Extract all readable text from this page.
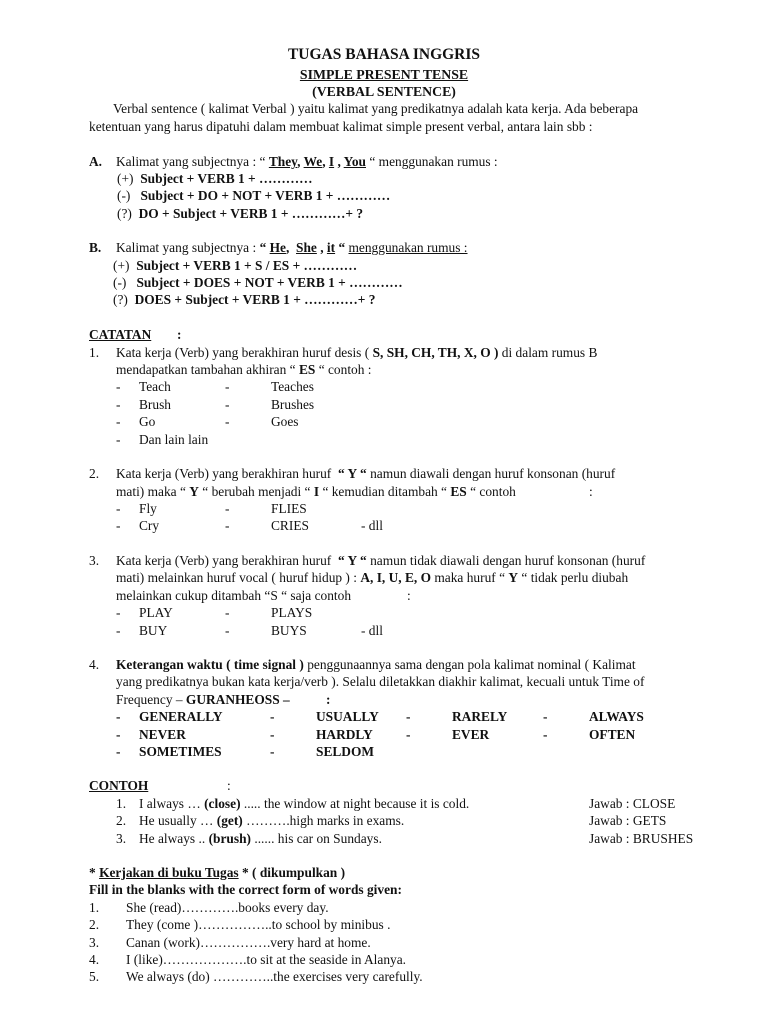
TUGAS BAHASA INGGRIS
SIMPLE PRESENT TENSE
(VERBAL SENTENCE)
Verbal sentence ( kalimat Verbal ) yaitu kalimat yang predikatnya adalah kata kerja. Ada beberapa
ketentuan yang harus dipatuhi dalam membuat kalimat simple present verbal, antara lain sbb :
A. Kalimat yang subjectnya : “ They, We, I , You “ menggunakan rumus :
(+) Subject + VERB 1 + …………
(-) Subject + DO + NOT + VERB 1 + …………
(?) DO + Subject + VERB 1 + …………+ ?
B. Kalimat yang subjectnya : “ He,  She , it “ menggunakan rumus :
(+) Subject + VERB 1 + S / ES + …………
(-) Subject + DOES + NOT + VERB 1 + …………
(?) DOES + Subject + VERB 1 + …………+ ?
CATATAN :
1. Kata kerja (Verb) yang berakhiran huruf desis ( S, SH, CH, TH, X, O ) di dalam rumus B
mendapatkan tambahan akhiran “ ES “ contoh :
- Teach	-	Teaches
- Brush	-	Brushes
- Go	-	Goes
- Dan lain lain
2. Kata kerja (Verb) yang berakhiran huruf “ Y “ namun diawali dengan huruf konsonan (huruf
mati) maka “ Y “ berubah menjadi “ I “ kemudian ditambah “ ES “ contoh	:
- Fly	-	FLIES
- Cry	-	CRIES	- dll
3. Kata kerja (Verb) yang berakhiran huruf “ Y “ namun tidak diawali dengan huruf konsonan (huruf
mati) melainkan huruf vocal ( huruf hidup ) : A, I, U, E, O maka huruf “ Y “ tidak perlu diubah
melainkan cukup ditambah “S “ saja contoh	:
- PLAY	-	PLAYS
- BUY	-	BUYS	- dll
4. Keterangan waktu ( time signal ) penggunaannya sama dengan pola kalimat nominal ( Kalimat
yang predikatnya bukan kata kerja/verb ). Selalu diletakkan diakhir kalimat, kecuali untuk Time of
Frequency – GURANHEOSS –	:
- GENERALLY	-	USUALLY -	RARELY	-	ALWAYS
- NEVER	-	HARDLY -	EVER	-	OFTEN
- SOMETIMES	-	SELDOM
CONTOH	:
1. I always … (close) ..... the window at night because it is cold.	Jawab : CLOSE
2. He usually … (get) ……….high marks in exams.	Jawab : GETS
3. He always .. (brush) ...... his car on Sundays.	Jawab : BRUSHES
* Kerjakan di buku Tugas * ( dikumpulkan )
Fill in the blanks with the correct form of words given:
1. She (read)………….books every day.
2. They (come )……………..to school by minibus .
3. Canan (work)…………….very hard at home.
4. I (like)……………….to sit at the seaside in Alanya.
5. We always (do) …………..the exercises very carefully.
